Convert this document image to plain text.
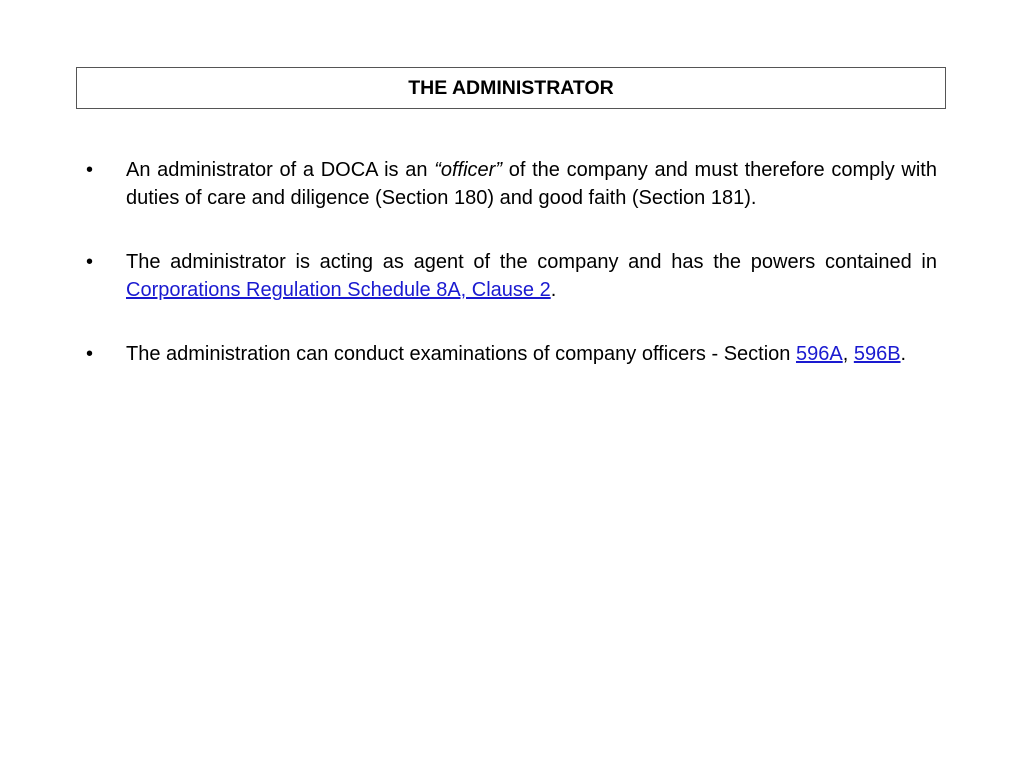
THE ADMINISTRATOR
• An administrator of a DOCA is an “officer” of the company and must therefore comply with duties of care and diligence (Section 180) and good faith (Section 181).
• The administrator is acting as agent of the company and has the powers contained in Corporations Regulation Schedule 8A, Clause 2.
• The administration can conduct examinations of company officers - Section 596A, 596B.
